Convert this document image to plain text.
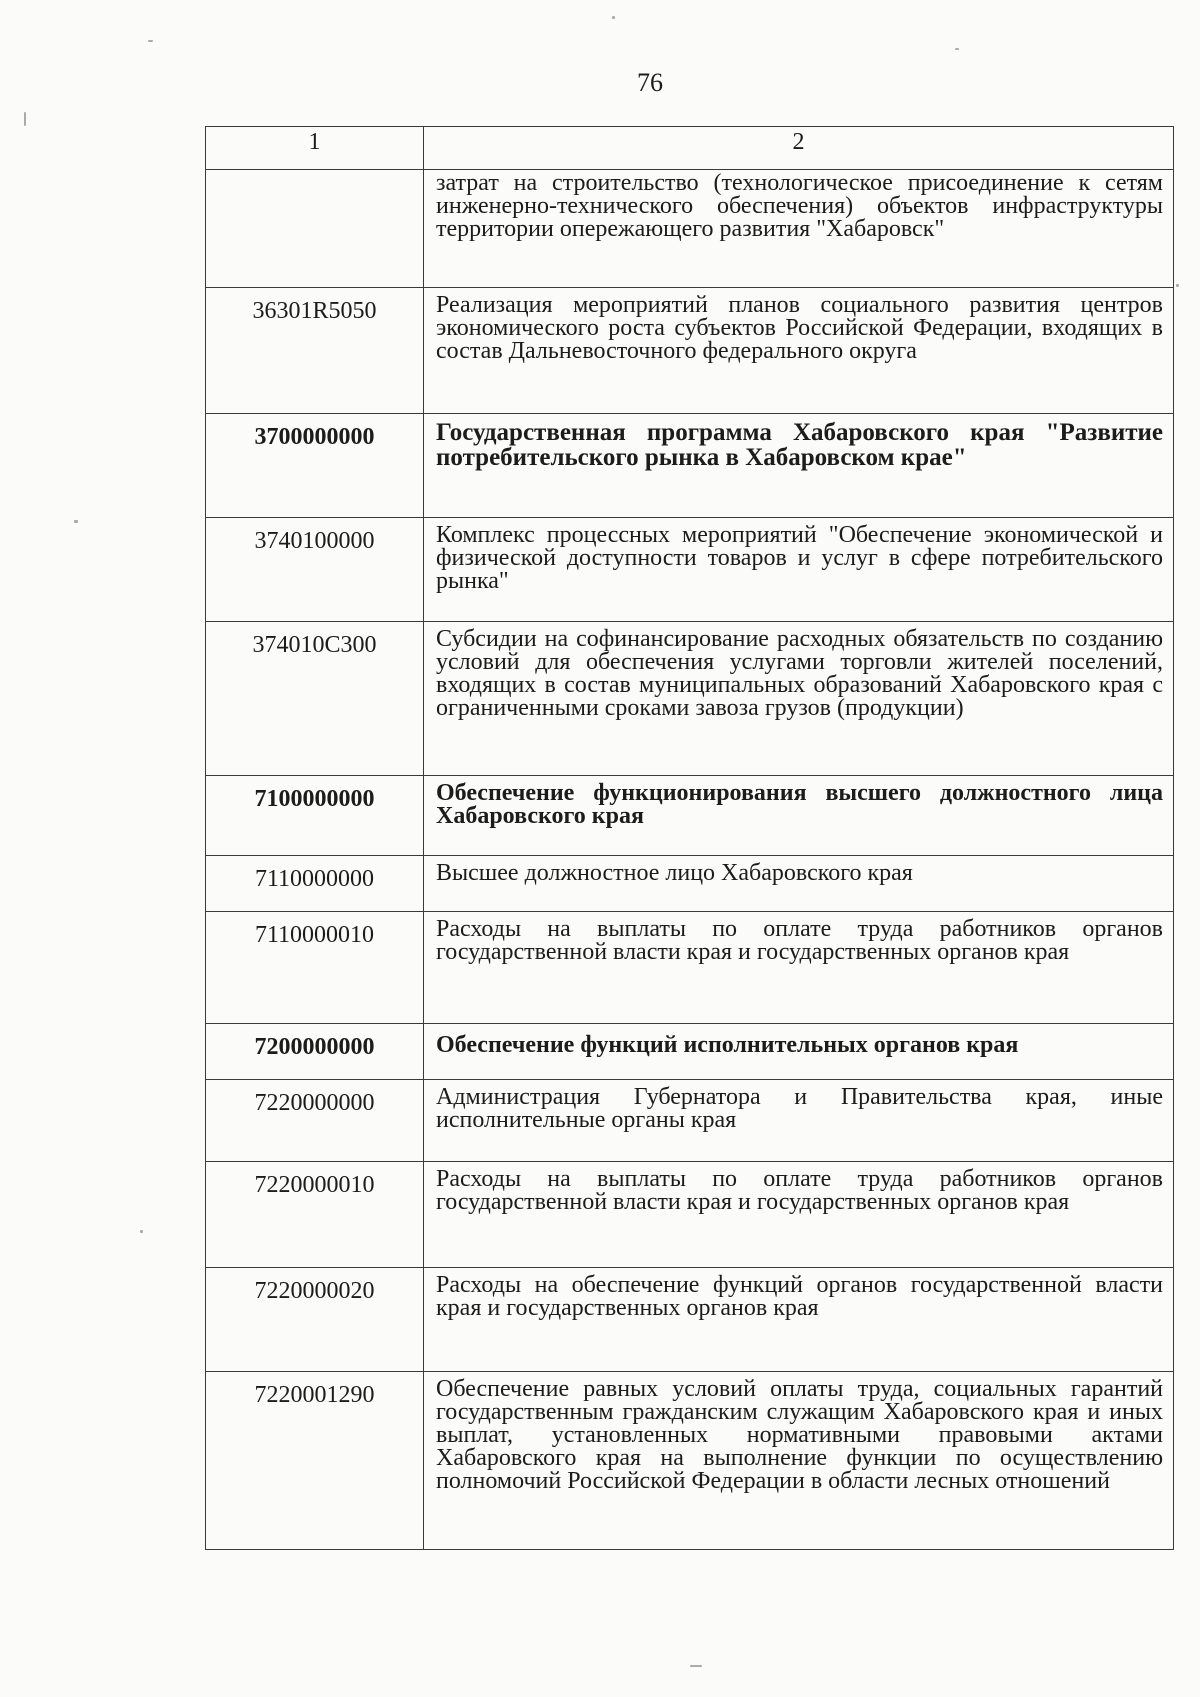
76
1	2
	затрат на строительство (технологическое присоединение к сетям инженерно-технического обеспечения) объектов инфраструктуры территории опережающего развития "Хабаровск"
36301R5050	Реализация мероприятий планов социального развития центров экономического роста субъектов Российской Федерации, входящих в состав Дальневосточного федерального округа
3700000000	Государственная программа Хабаровского края "Развитие потребительского рынка в Хабаровском крае"
3740100000	Комплекс процессных мероприятий "Обеспечение экономической и физической доступности товаров и услуг в сфере потребительского рынка"
374010С300	Субсидии на софинансирование расходных обязательств по созданию условий для обеспечения услугами торговли жителей поселений, входящих в состав муниципальных образований Хабаровского края с ограниченными сроками завоза грузов (продукции)
7100000000	Обеспечение функционирования высшего должностного лица Хабаровского края
7110000000	Высшее должностное лицо Хабаровского края
7110000010	Расходы на выплаты по оплате труда работников органов государственной власти края и государственных органов края
7200000000	Обеспечение функций исполнительных органов края
7220000000	Администрация Губернатора и Правительства края, иные исполнительные органы края
7220000010	Расходы на выплаты по оплате труда работников органов государственной власти края и государственных органов края
7220000020	Расходы на обеспечение функций органов государственной власти края и государственных органов края
7220001290	Обеспечение равных условий оплаты труда, социальных гарантий государственным гражданским служащим Хабаровского края и иных выплат, установленных нормативными правовыми актами Хабаровского края на выполнение функции по осуществлению полномочий Российской Федерации в области лесных отношений
